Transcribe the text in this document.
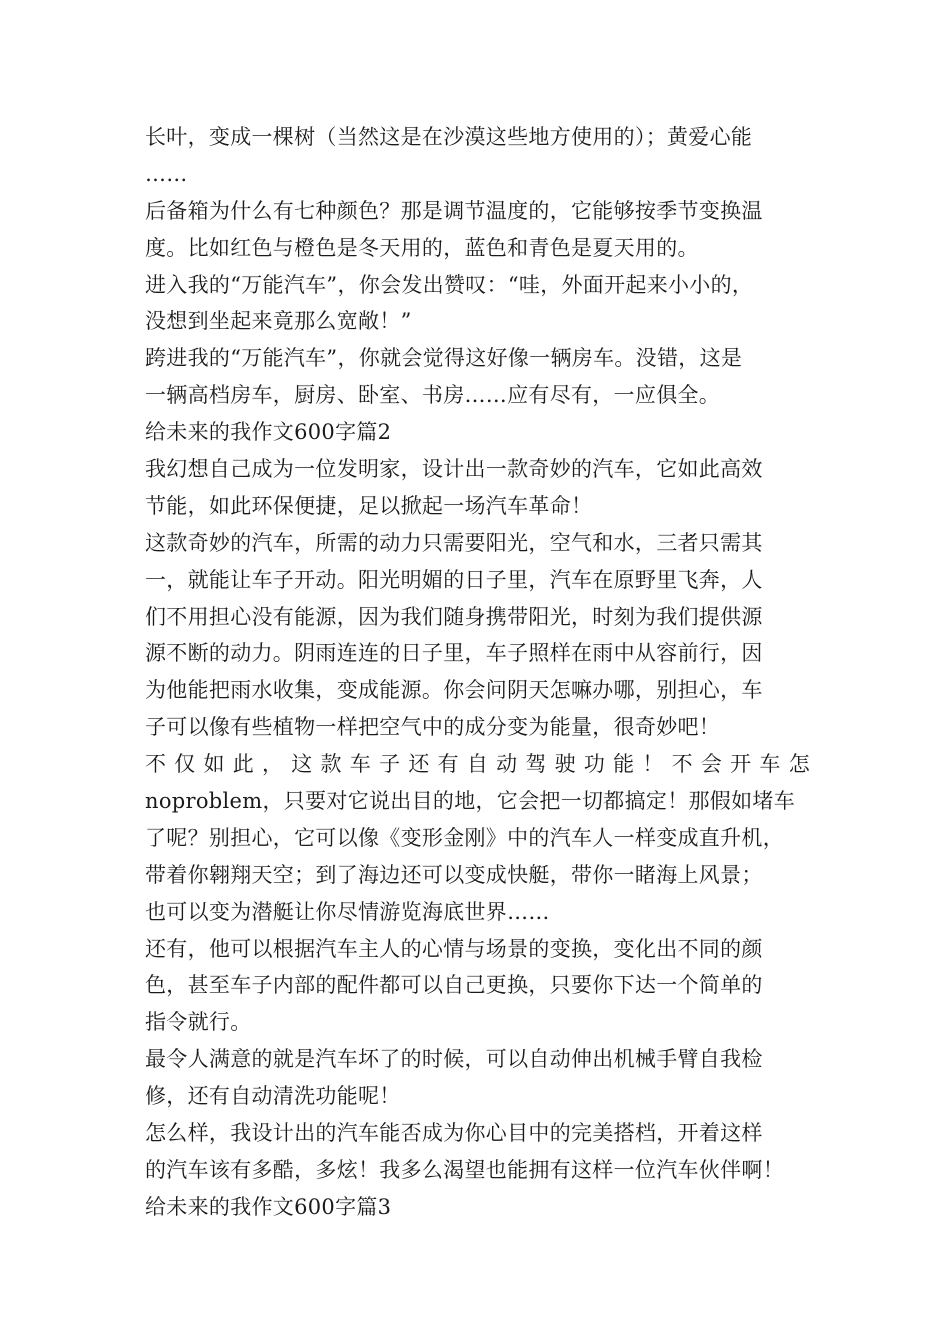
长叶，变成一棵树（当然这是在沙漠这些地方使用的）；黄爱心能
……
后备箱为什么有七种颜色？那是调节温度的，它能够按季节变换温
度。比如红色与橙色是冬天用的，蓝色和青色是夏天用的。
进入我的“万能汽车”，你会发出赞叹：“哇，外面开起来小小的，
没想到坐起来竟那么宽敞！”
跨进我的“万能汽车”，你就会觉得这好像一辆房车。没错，这是
一辆高档房车，厨房、卧室、书房……应有尽有，一应俱全。
给未来的我作文600字篇2
我幻想自己成为一位发明家，设计出一款奇妙的汽车，它如此高效
节能，如此环保便捷，足以掀起一场汽车革命！
这款奇妙的汽车，所需的动力只需要阳光，空气和水，三者只需其
一，就能让车子开动。阳光明媚的日子里，汽车在原野里飞奔，人
们不用担心没有能源，因为我们随身携带阳光，时刻为我们提供源
源不断的动力。阴雨连连的日子里，车子照样在雨中从容前行，因
为他能把雨水收集，变成能源。你会问阴天怎嘛办哪，别担心，车
子可以像有些植物一样把空气中的成分变为能量，很奇妙吧！
不 仅 如 此 ， 这 款 车 子 还 有 自 动 驾 驶 功 能 ！ 不 会 开 车 怎
noproblem，只要对它说出目的地，它会把一切都搞定！那假如堵车
了呢？别担心，它可以像《变形金刚》中的汽车人一样变成直升机，
带着你翱翔天空；到了海边还可以变成快艇，带你一睹海上风景；
也可以变为潜艇让你尽情游览海底世界……
还有，他可以根据汽车主人的心情与场景的变换，变化出不同的颜
色，甚至车子内部的配件都可以自己更换，只要你下达一个简单的
指令就行。
最令人满意的就是汽车坏了的时候，可以自动伸出机械手臂自我检
修，还有自动清洗功能呢！
怎么样，我设计出的汽车能否成为你心目中的完美搭档，开着这样
的汽车该有多酷，多炫！我多么渴望也能拥有这样一位汽车伙伴啊！
给未来的我作文600字篇3
